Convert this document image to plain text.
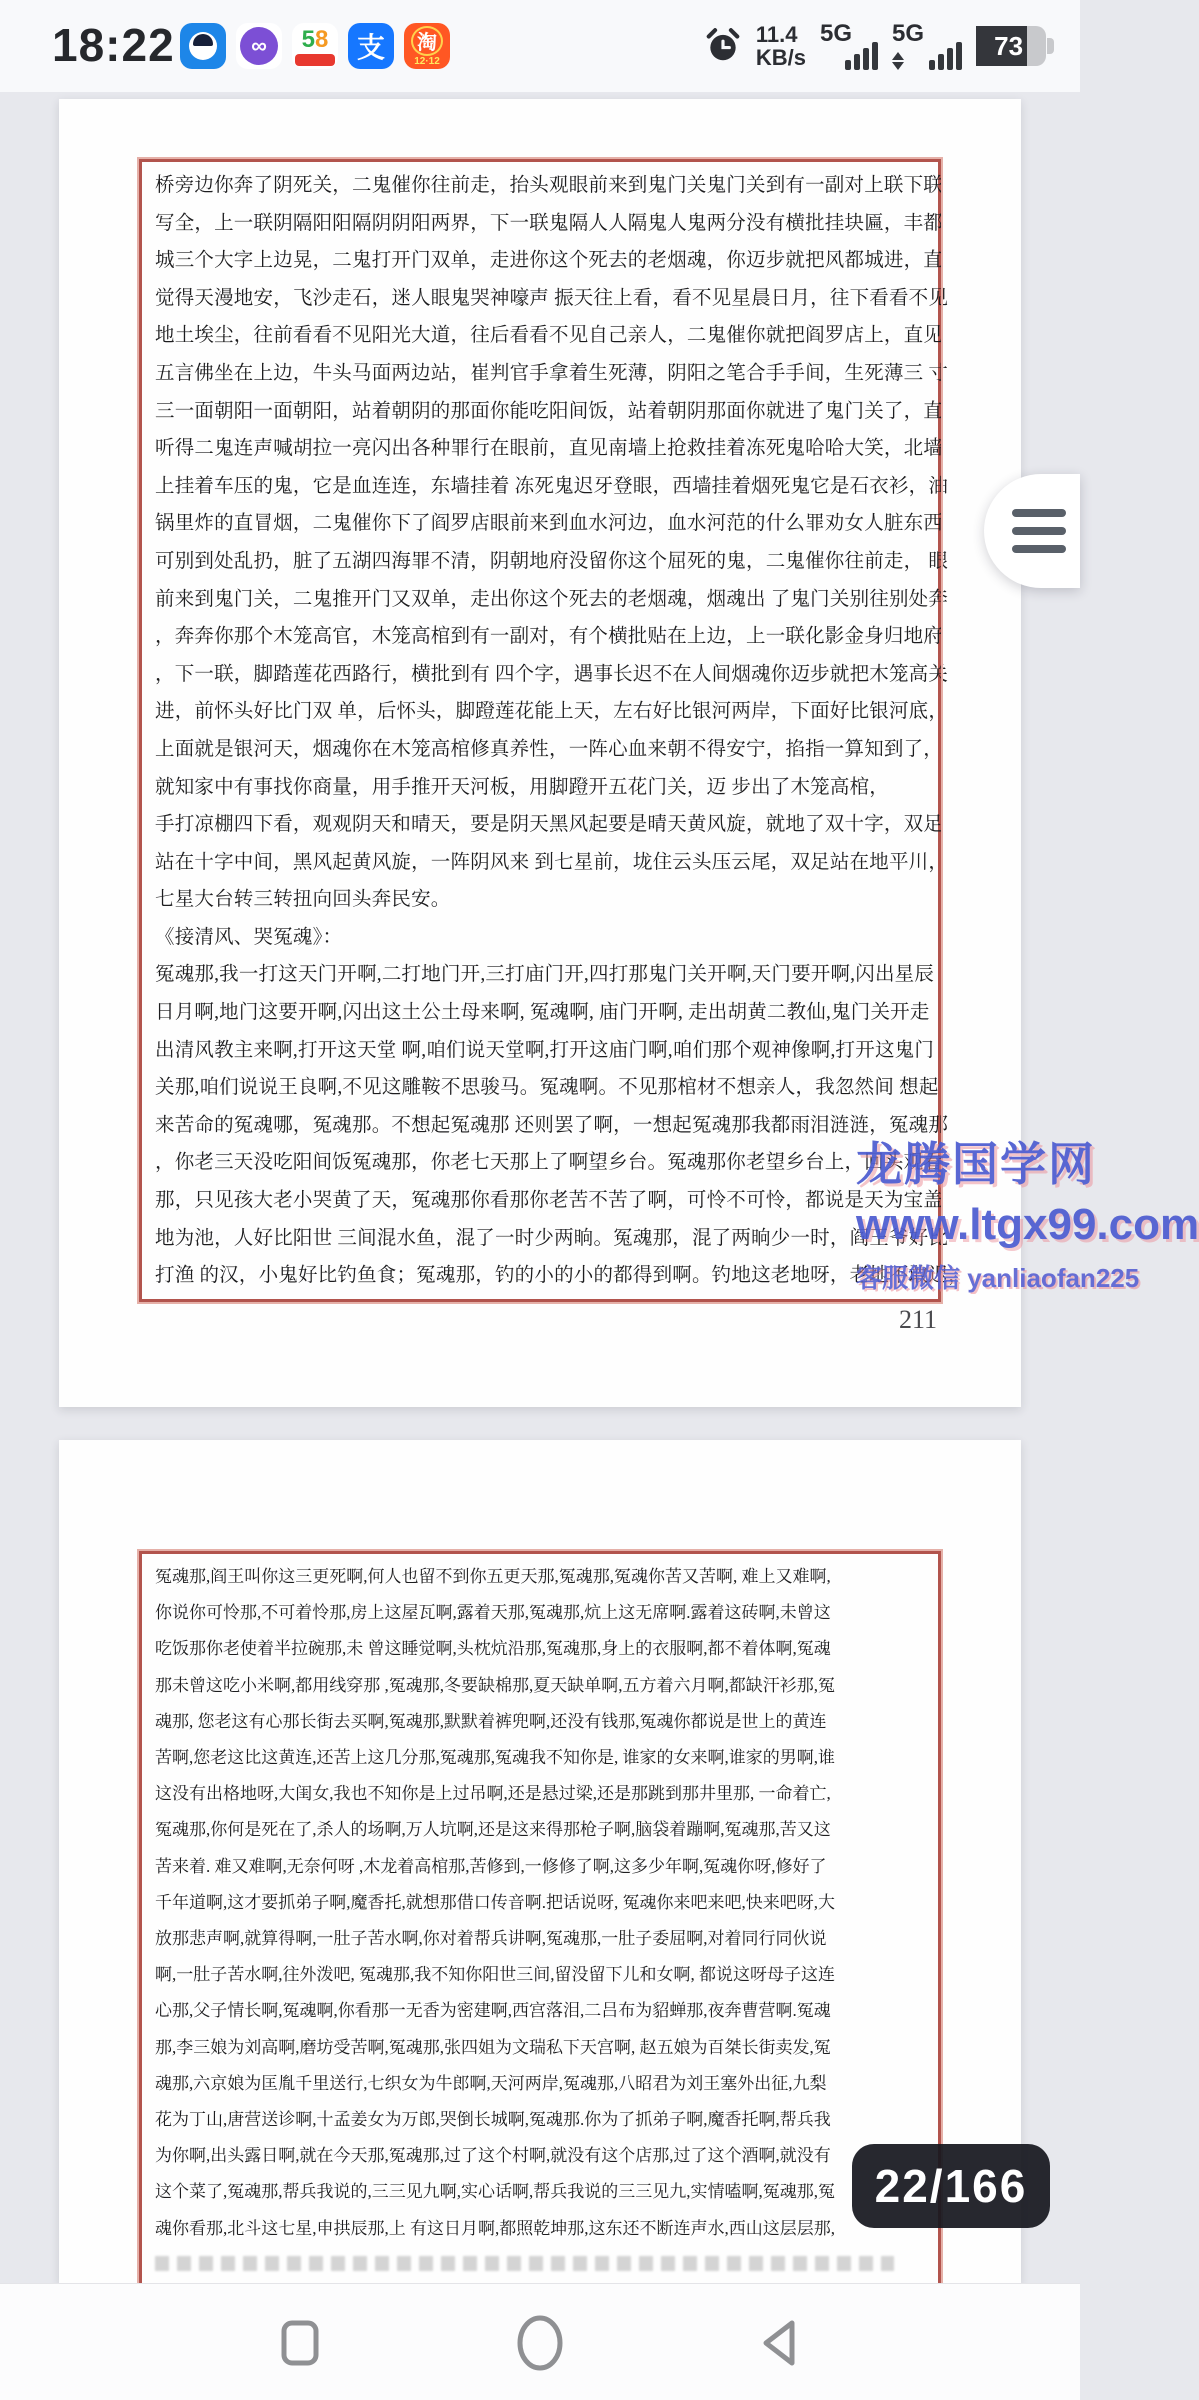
18:22	∞	58	支	淘
12·12
11.4
KB/s
5G 5G	73
桥旁边你奔了阴死关，二鬼催你往前走，抬头观眼前来到鬼门关鬼门关到有一副对上联下联
写全，上一联阴隔阳阳隔阴阴阳两界，下一联鬼隔人人隔鬼人鬼两分没有横批挂块匾，丰都
城三个大字上边晃，二鬼打开门双单，走进你这个死去的老烟魂，你迈步就把风都城进，直
觉得天漫地安，飞沙走石，迷人眼鬼哭神嚎声 振天往上看，看不见星晨日月，往下看看不见
地土埃尘，往前看看不见阳光大道，往后看看不见自己亲人，二鬼催你就把阎罗店上，直见
五言佛坐在上边，牛头马面两边站，崔判官手拿着生死薄，阴阳之笔合手手间，生死薄三 寸
三一面朝阳一面朝阳，站着朝阴的那面你能吃阳间饭，站着朝阴那面你就进了鬼门关了，直
听得二鬼连声喊胡拉一亮闪出各种罪行在眼前，直见南墙上抢救挂着冻死鬼哈哈大笑，北墙
上挂着车压的鬼，它是血连连，东墙挂着 冻死鬼迟牙登眼，西墙挂着烟死鬼它是石衣衫，油
锅里炸的直冒烟，二鬼催你下了阎罗店眼前来到血水河边，血水河范的什么罪劝女人脏东西
可别到处乱扔，脏了五湖四海罪不清，阴朝地府没留你这个屈死的鬼，二鬼催你往前走， 眼
前来到鬼门关，二鬼推开门又双单，走出你这个死去的老烟魂，烟魂出 了鬼门关别往别处奔
，奔奔你那个木笼高官，木笼高棺到有一副对，有个横批贴在上边，上一联化影金身归地府
，下一联，脚踏莲花西路行，横批到有 四个字，遇事长迟不在人间烟魂你迈步就把木笼高关
进，前怀头好比门双 单，后怀头，脚蹬莲花能上天，左右好比银河两岸，下面好比银河底，
上面就是银河天，烟魂你在木笼高棺修真养性，一阵心血来朝不得安宁，掐指一算知到了，
就知家中有事找你商量，用手推开天河板，用脚蹬开五花门关，迈 步出了木笼高棺，
手打凉棚四下看，观观阴天和晴天，要是阴天黑风起要是晴天黄风旋，就地了双十字，双足
站在十字中间，黑风起黄风旋，一阵阴风来 到七星前，垅住云头压云尾，双足站在地平川，
七星大台转三转扭向回头奔民安。
《接清风、哭冤魂》：
冤魂那,我一打这天门开啊,二打地门开,三打庙门开,四打那鬼门关开啊,天门要开啊,闪出星辰
日月啊,地门这要开啊,闪出这土公土母来啊, 冤魂啊, 庙门开啊, 走出胡黄二教仙,鬼门关开走
出清风教主来啊,打开这天堂 啊,咱们说天堂啊,打开这庙门啊,咱们那个观神像啊,打开这鬼门
关那,咱们说说王良啊,不见这雕鞍不思骏马。冤魂啊。不见那棺材不想亲人，我忽然间 想起
来苦命的冤魂哪，冤魂那。不想起冤魂那 还则罢了啊，一想起冤魂那我都雨泪涟涟，冤魂那
，你老三天没吃阳间饭冤魂那，你老七天那上了啊望乡台。冤魂那你老望乡台上，回头观看
那，只见孩大老小哭黄了天，冤魂那你看那你老苦不苦了啊，可怜不可怜，都说是天为宝盖
地为池，人好比阳世 三间混水鱼，混了一时少两晌。冤魂那，混了两晌少一时，阎王爷好比
打渔 的汉，小鬼好比钓鱼食；冤魂那，钓的小的小的都得到啊。钓地这老地呀，老地不敢迟，
211
冤魂那,阎王叫你这三更死啊,何人也留不到你五更天那,冤魂那,冤魂你苦又苦啊, 难上又难啊,
你说你可怜那,不可着怜那,房上这屋瓦啊,露着天那,冤魂那,炕上这无席啊.露着这砖啊,未曾这
吃饭那你老使着半拉碗那,未 曾这睡觉啊,头枕炕沿那,冤魂那,身上的衣服啊,都不着体啊,冤魂
那未曾这吃小米啊,都用线穿那 ,冤魂那,冬要缺棉那,夏天缺单啊,五方着六月啊,都缺汗衫那,冤
魂那, 您老这有心那长街去买啊,冤魂那,默默着裤兜啊,还没有钱那,冤魂你都说是世上的黄连
苦啊,您老这比这黄连,还苦上这几分那,冤魂那,冤魂我不知你是, 谁家的女来啊,谁家的男啊,谁
这没有出格地呀,大闺女,我也不知你是上过吊啊,还是悬过梁,还是那跳到那井里那, 一命着亡,
冤魂那,你何是死在了,杀人的场啊,万人坑啊,还是这来得那枪子啊,脑袋着蹦啊,冤魂那,苦又这
苦来着. 难又难啊,无奈何呀 ,木龙着高棺那,苦修到,一修修了啊,这多少年啊,冤魂你呀,修好了
千年道啊,这才要抓弟子啊,魔香托,就想那借口传音啊.把话说呀, 冤魂你来吧来吧,快来吧呀,大
放那悲声啊,就算得啊,一肚子苦水啊,你对着帮兵讲啊,冤魂那,一肚子委屈啊,对着同行同伙说
啊,一肚子苦水啊,往外泼吧, 冤魂那,我不知你阳世三间,留没留下儿和女啊, 都说这呀母子这连
心那,父子情长啊,冤魂啊,你看那一无香为密建啊,西宫落泪,二吕布为貂蝉那,夜奔曹营啊.冤魂
那,李三娘为刘高啊,磨坊受苦啊,冤魂那,张四姐为文瑞私下天宫啊, 赵五娘为百桀长街卖发,冤
魂那,六京娘为匡胤千里送行,七织女为牛郎啊,天河两岸,冤魂那,八昭君为刘王塞外出征,九梨
花为丁山,唐营送诊啊,十孟姜女为万郎,哭倒长城啊,冤魂那.你为了抓弟子啊,魔香托啊,帮兵我
为你啊,出头露日啊,就在今天那,冤魂那,过了这个村啊,就没有这个店那,过了这个酒啊,就没有
这个菜了,冤魂那,帮兵我说的,三三见九啊,实心话啊,帮兵我说的三三见九,实情嗑啊,冤魂那,冤
魂你看那,北斗这七星,申拱辰那,上 有这日月啊,都照乾坤那,这东还不断连声水,西山这层层那,
龙腾国学网
www.ltgx99.com
客服微信 yanliaofan225
22/166
